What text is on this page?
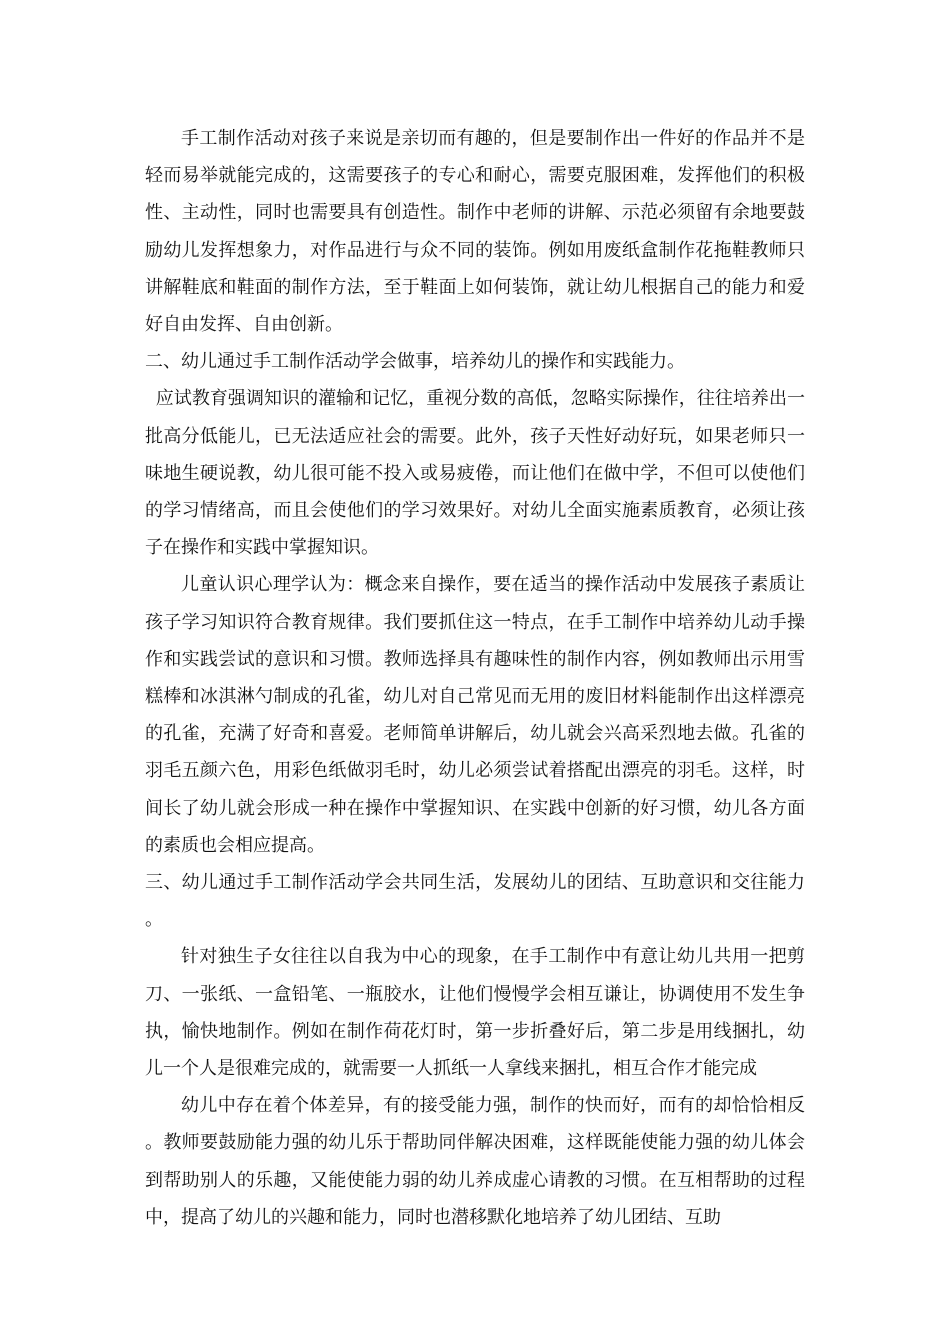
手工制作活动对孩子来说是亲切而有趣的，但是要制作出一件好的作品并不是轻而易举就能完成的，这需要孩子的专心和耐心，需要克服困难，发挥他们的积极性、主动性，同时也需要具有创造性。制作中老师的讲解、示范必须留有余地要鼓励幼儿发挥想象力，对作品进行与众不同的装饰。例如用废纸盒制作花拖鞋教师只讲解鞋底和鞋面的制作方法，至于鞋面上如何装饰，就让幼儿根据自己的能力和爱好自由发挥、自由创新。

二、幼儿通过手工制作活动学会做事，培养幼儿的操作和实践能力。

应试教育强调知识的灌输和记忆，重视分数的高低，忽略实际操作，往往培养出一批高分低能儿，已无法适应社会的需要。此外，孩子天性好动好玩，如果老师只一味地生硬说教，幼儿很可能不投入或易疲倦，而让他们在做中学，不但可以使他们的学习情绪高，而且会使他们的学习效果好。对幼儿全面实施素质教育，必须让孩子在操作和实践中掌握知识。

儿童认识心理学认为：概念来自操作，要在适当的操作活动中发展孩子素质让孩子学习知识符合教育规律。我们要抓住这一特点，在手工制作中培养幼儿动手操作和实践尝试的意识和习惯。教师选择具有趣味性的制作内容，例如教师出示用雪糕棒和冰淇淋勺制成的孔雀，幼儿对自己常见而无用的废旧材料能制作出这样漂亮的孔雀，充满了好奇和喜爱。老师简单讲解后，幼儿就会兴高采烈地去做。孔雀的羽毛五颜六色，用彩色纸做羽毛时，幼儿必须尝试着搭配出漂亮的羽毛。这样，时间长了幼儿就会形成一种在操作中掌握知识、在实践中创新的好习惯，幼儿各方面的素质也会相应提高。

三、幼儿通过手工制作活动学会共同生活，发展幼儿的团结、互助意识和交往能力。

针对独生子女往往以自我为中心的现象，在手工制作中有意让幼儿共用一把剪刀、一张纸、一盒铅笔、一瓶胶水，让他们慢慢学会相互谦让，协调使用不发生争执，愉快地制作。例如在制作荷花灯时，第一步折叠好后，第二步是用线捆扎，幼儿一个人是很难完成的，就需要一人抓纸一人拿线来捆扎，相互合作才能完成

幼儿中存在着个体差异，有的接受能力强，制作的快而好，而有的却恰恰相反。教师要鼓励能力强的幼儿乐于帮助同伴解决困难，这样既能使能力强的幼儿体会到帮助别人的乐趣，又能使能力弱的幼儿养成虚心请教的习惯。在互相帮助的过程中，提高了幼儿的兴趣和能力，同时也潜移默化地培养了幼儿团结、互助
